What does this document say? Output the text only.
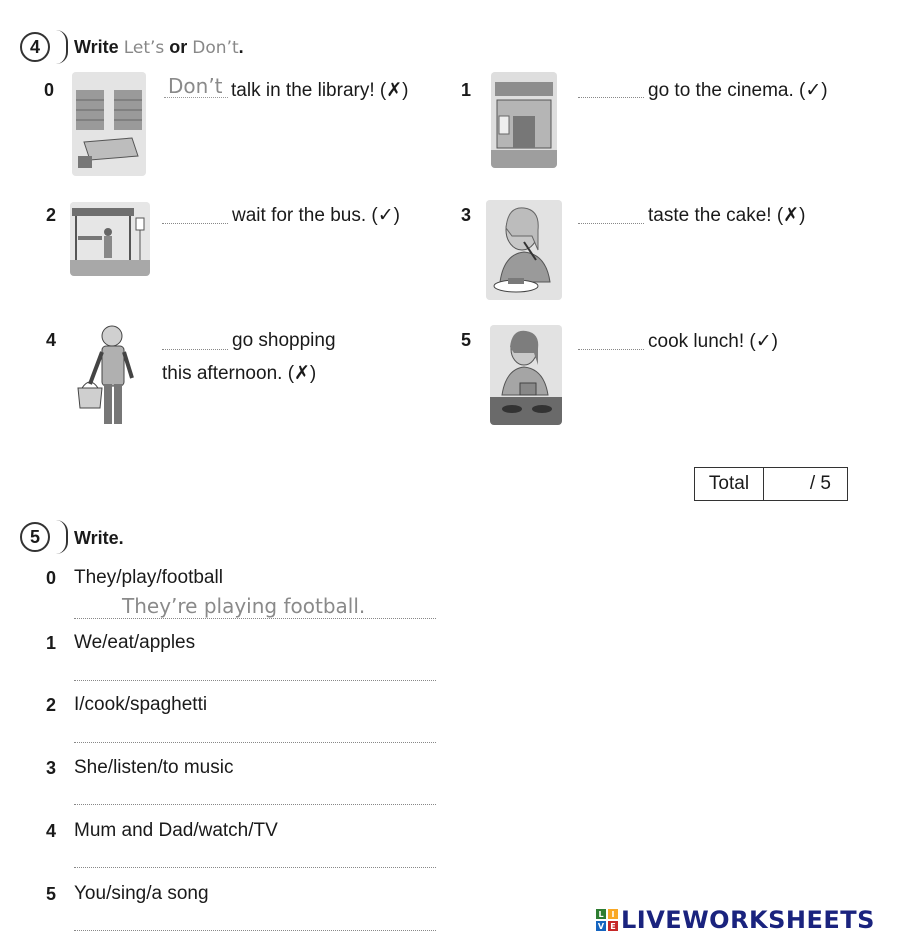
4	Write Let’s or Don’t.
0	Don’t talk in the library! (✗)	1	go to the cinema. (✓)
2	wait for the bus. (✓)	3	taste the cake! (✗)
4	go shopping
this afternoon. (✗)
5	cook lunch! (✓)
Total	/ 5
5	Write.
0 They/play/football
They’re playing football.
1 We/eat/apples
2 I/cook/spaghetti
3 She/listen/to music
4 Mum and Dad/watch/TV
5 You/sing/a song
L I
V E LIVEWORKSHEETS
